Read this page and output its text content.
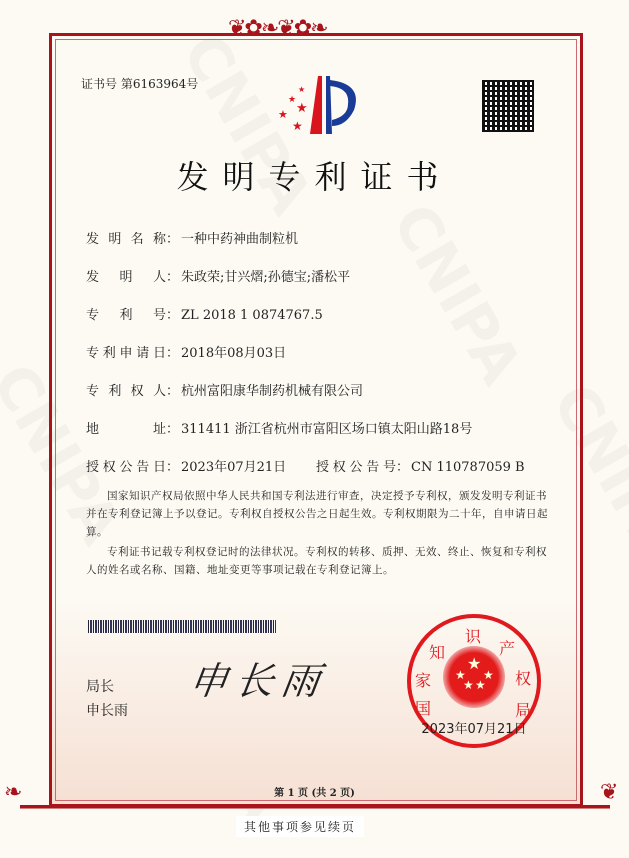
❦✿❧❦✿❧
❧	❦
证书号 第6163964号	★
★
★
★
★
发明专利证书
发明名称： 一种中药神曲制粒机
发明人： 朱政荣;甘兴熠;孙德宝;潘松平
专利号： ZL 2018 1 0874767.5
专利申请日： 2018年08月03日
专利权人： 杭州富阳康华制药机械有限公司
地址： 311411 浙江省杭州市富阳区场口镇太阳山路18号
授权公告日： 2023年07月21日 授权公告号： CN 110787059 B
国家知识产权局依照中华人民共和国专利法进行审查，决定授予专利权，颁发发明专利证书并在专利登记簿上予以登记。专利权自授权公告之日起生效。专利权期限为二十年，自申请日起算。
专利证书记载专利权登记时的法律状况。专利权的转移、质押、无效、终止、恢复和专利权人的姓名或名称、国籍、地址变更等事项记载在专利登记簿上。
局长
申长雨
申长雨	★
★ ★
★ ★
国
家
知
识
产
权
局
2023年07月21日
第 1 页 (共 2 页)
其他事项参见续页
